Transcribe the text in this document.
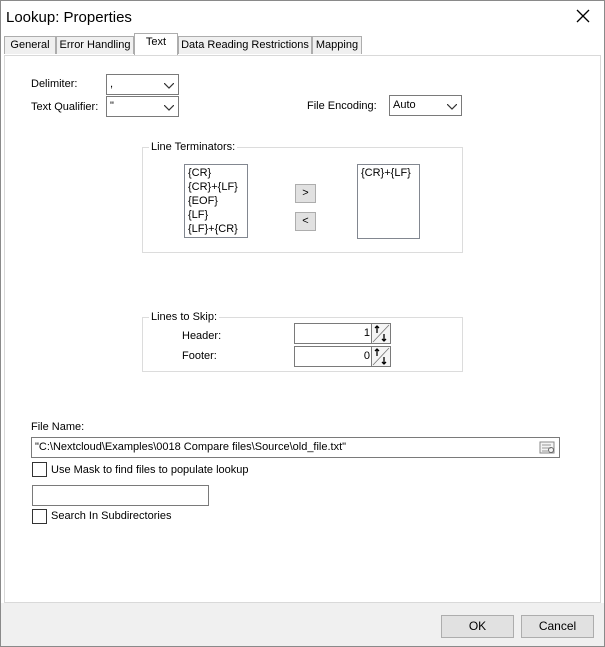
Lookup: Properties
General Error Handling	Text	Data Reading Restrictions Mapping
Delimiter:	,
Text Qualifier: "	File Encoding: Auto
Line Terminators:
{CR}
{CR}+{LF}
{EOF}
{LF}
{LF}+{CR}
>
<
{CR}+{LF}
Lines to Skip:
Header:	1
Footer:	0
File Name:
"C:\Nextcloud\Examples\0018 Compare files\Source\old_file.txt"
Use Mask to find files to populate lookup
Search In Subdirectories
OK	Cancel
